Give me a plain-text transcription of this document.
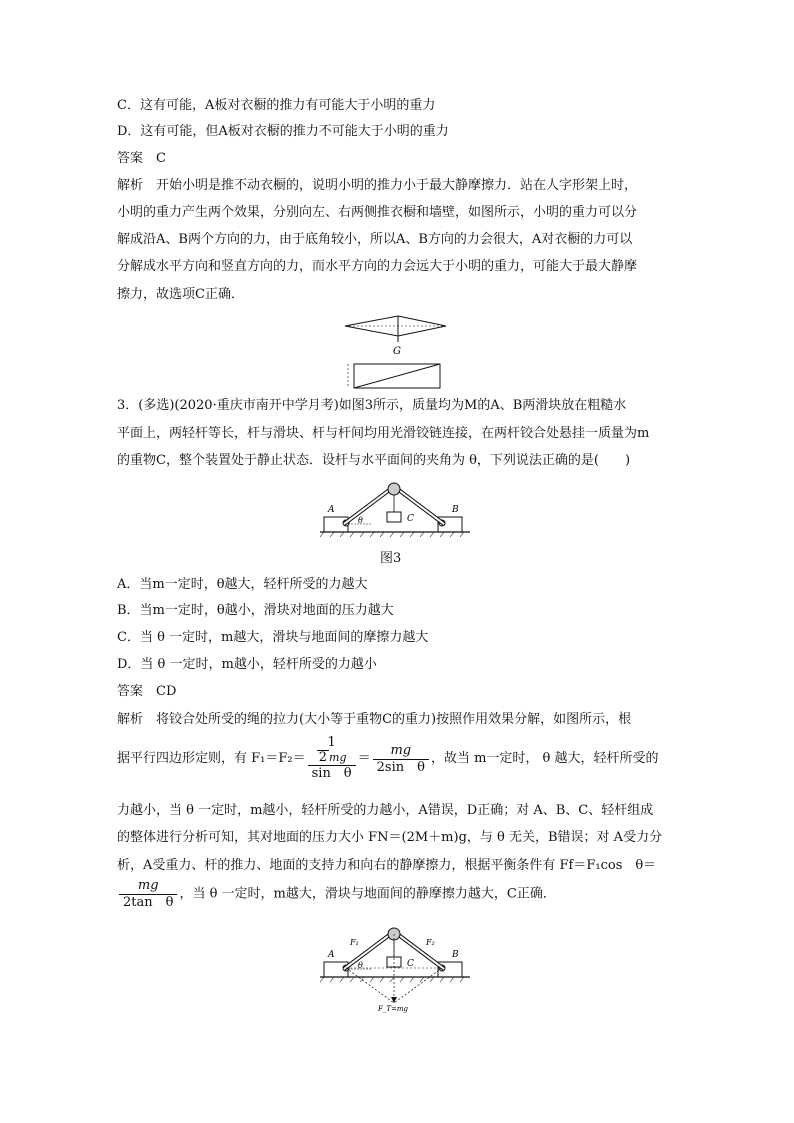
C．这有可能，A板对衣橱的推力有可能大于小明的重力
D．这有可能，但A板对衣橱的推力不可能大于小明的重力
答案　C
解析　开始小明是推不动衣橱的，说明小明的推力小于最大静摩擦力．站在人字形架上时，
小明的重力产生两个效果，分别向左、右两侧推衣橱和墙壁，如图所示，小明的重力可以分
解成沿A、B两个方向的力，由于底角较小，所以A、B方向的力会很大，A对衣橱的力可以
分解成水平方向和竖直方向的力，而水平方向的力会远大于小明的重力，可能大于最大静摩
擦力，故选项C正确．
G
3．(多选)(2020·重庆市南开中学月考)如图3所示，质量均为M的A、B两滑块放在粗糙水
平面上，两轻杆等长，杆与滑块、杆与杆间均用光滑铰链连接，在两杆铰合处悬挂一质量为m
的重物C，整个装置处于静止状态．设杆与水平面间的夹角为 θ，下列说法正确的是(　　)
A	B
C
θ
图3
A．当m一定时，θ越大，轻杆所受的力越大
B．当m一定时，θ越小，滑块对地面的压力越大
C．当 θ 一定时，m越大，滑块与地面间的摩擦力越大
D．当 θ 一定时，m越小，轻杆所受的力越小
答案　CD
解析　将铰合处所受的绳的拉力(大小等于重物C的重力)按照作用效果分解，如图所示，根
据平行四边形定则，有 F₁＝F₂＝ 1
2 mg
sin　$\theta = \frac{mg}{\text{2sin　θ}}$ ，故当 m一定时， θ 越大，轻杆所受的
力越小，当 θ 一定时，m越小，轻杆所受的力越小，A错误，D正确；对 A、B、C、轻杆组成
的整体进行分析可知，其对地面的压力大小 FN＝(2M＋m)g，与 θ 无关，B错误；对 A受力分
析，A受重力、杆的推力、地面的支持力和向右的静摩擦力，根据平衡条件有 Ff＝F₁cos　θ＝
$\frac{mg}{\text{2tan　θ}}$ ，当 θ 一定时，m越大，滑块与地面间的静摩擦力越大，C正确．
A	B
C
θ
F₁	F₂
F_T=mg
